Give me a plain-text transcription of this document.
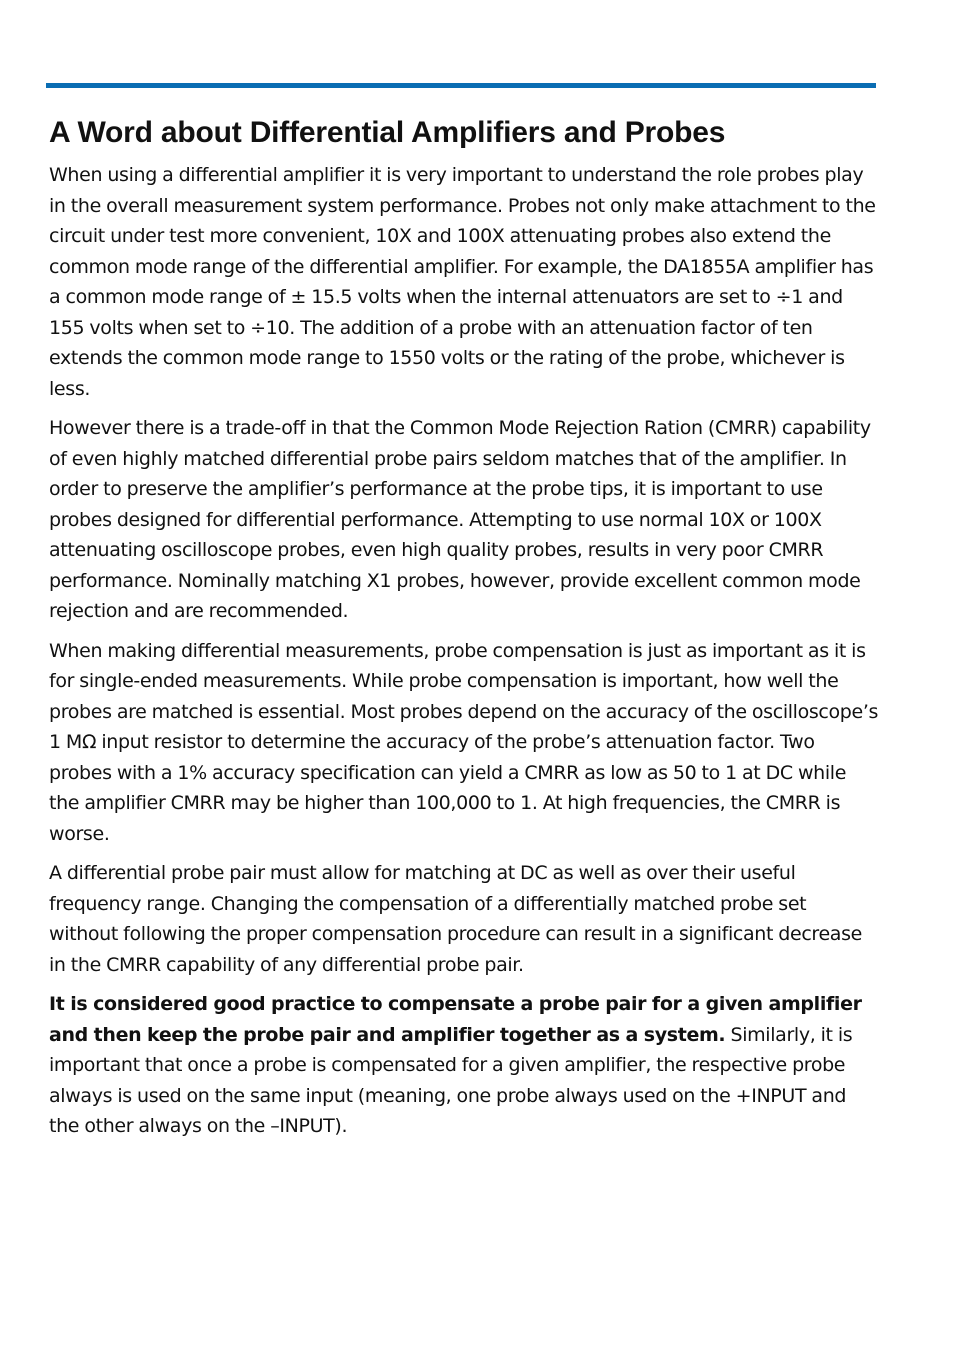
A Word about Differential Amplifiers and Probes

When using a differential amplifier it is very important to understand the role probes play in the overall measurement system performance. Probes not only make attachment to the circuit under test more convenient, 10X and 100X attenuating probes also extend the common mode range of the differential amplifier. For example, the DA1855A amplifier has a common mode range of ± 15.5 volts when the internal attenuators are set to ÷1 and 155 volts when set to ÷10. The addition of a probe with an attenuation factor of ten extends the common mode range to 1550 volts or the rating of the probe, whichever is less.

However there is a trade-off in that the Common Mode Rejection Ration (CMRR) capability of even highly matched differential probe pairs seldom matches that of the amplifier. In order to preserve the amplifier’s performance at the probe tips, it is important to use probes designed for differential performance. Attempting to use normal 10X or 100X attenuating oscilloscope probes, even high quality probes, results in very poor CMRR performance. Nominally matching X1 probes, however, provide excellent common mode rejection and are recommended.

When making differential measurements, probe compensation is just as important as it is for single-ended measurements. While probe compensation is important, how well the probes are matched is essential. Most probes depend on the accuracy of the oscilloscope’s 1 MΩ input resistor to determine the accuracy of the probe’s attenuation factor. Two probes with a 1% accuracy specification can yield a CMRR as low as 50 to 1 at DC while the amplifier CMRR may be higher than 100,000 to 1. At high frequencies, the CMRR is worse.

A differential probe pair must allow for matching at DC as well as over their useful frequency range. Changing the compensation of a differentially matched probe set without following the proper compensation procedure can result in a significant decrease in the CMRR capability of any differential probe pair.

It is considered good practice to compensate a probe pair for a given amplifier and then keep the probe pair and amplifier together as a system. Similarly, it is important that once a probe is compensated for a given amplifier, the respective probe always is used on the same input (meaning, one probe always used on the +INPUT and the other always on the –INPUT).
